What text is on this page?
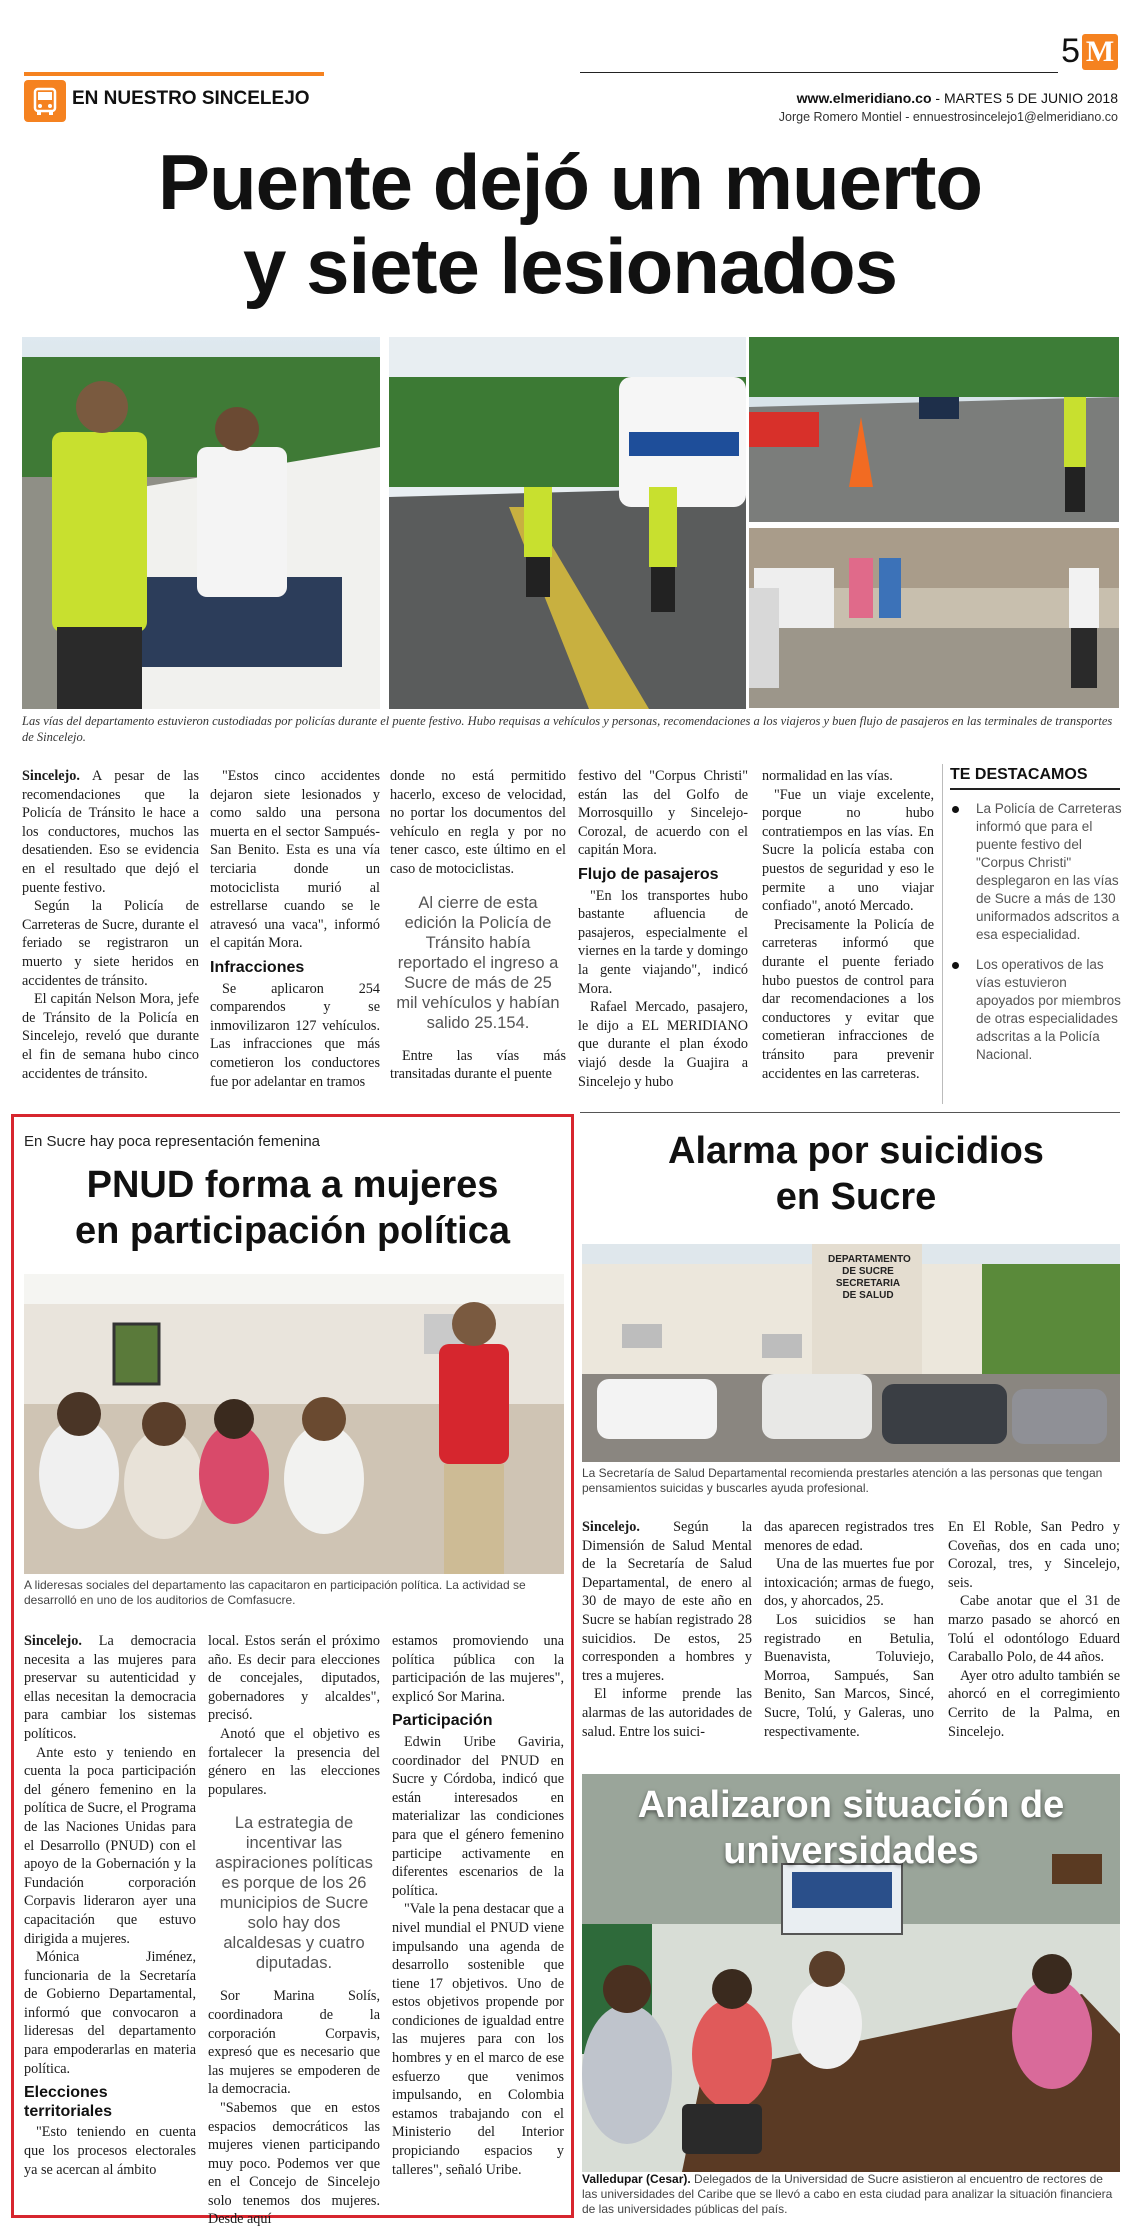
EN NUESTRO SINCELEJO
5 M
www.elmeridiano.co - MARTES 5 DE JUNIO 2018
Jorge Romero Montiel - ennuestrosincelejo1@elmeridiano.co
Puente dejó un muerto
y siete lesionados
Las vías del departamento estuvieron custodiadas por policías durante el puente festivo. Hubo requisas a vehículos y personas, recomendaciones a los viajeros y buen flujo de pasajeros en las terminales de transportes de Sincelejo.

Sincelejo. A pesar de las recomendaciones que la Policía de Tránsito le hace a los conductores, muchos las desatienden. Eso se evidencia en el resultado que dejó el puente festivo.

Según la Policía de Carreteras de Sucre, durante el feriado se registraron un muerto y siete heridos en accidentes de tránsito.

El capitán Nelson Mora, jefe de Tránsito de la Policía en Sincelejo, reveló que durante el fin de semana hubo cinco accidentes de tránsito.

"Estos cinco accidentes dejaron siete lesionados y como saldo una persona muerta en el sector Sampués-San Benito. Esta es una vía terciaria donde un motociclista murió al estrellarse cuando se le atravesó una vaca", informó el capitán Mora.

Infracciones

Se aplicaron 254 comparendos y se inmovilizaron 127 vehículos. Las infracciones que más cometieron los conductores fue por adelantar en tramos

donde no está permitido hacerlo, exceso de velocidad, no portar los documentos del vehículo en regla y por no tener casco, este último en el caso de motociclistas.

Al cierre de esta edición la Policía de Tránsito había reportado el ingreso a Sucre de más de 25 mil vehículos y habían salido 25.154.

Entre las vías más transitadas durante el puente

festivo del "Corpus Christi" están las del Golfo de Morrosquillo y Sincelejo-Corozal, de acuerdo con el capitán Mora.

Flujo de pasajeros

"En los transportes hubo bastante afluencia de pasajeros, especialmente el viernes en la tarde y domingo la gente viajando", indicó Mora.

Rafael Mercado, pasajero, le dijo a EL MERIDIANO que durante el plan éxodo viajó desde la Guajira a Sincelejo y hubo

normalidad en las vías.

"Fue un viaje excelente, porque no hubo contratiempos en las vías. En Sucre la policía estaba con puestos de seguridad y eso le permite a uno viajar confiado", anotó Mercado.

Precisamente la Policía de carreteras informó que durante el puente feriado hubo puestos de control para dar recomendaciones a los conductores y evitar que cometieran infracciones de tránsito para prevenir accidentes en las carreteras.

TE DESTACAMOS
La Policía de Carreteras informó que para el puente festivo del "Corpus Christi" desplegaron en las vías de Sucre a más de 130 uniformados adscritos a esa especialidad.
Los operativos de las vías estuvieron apoyados por miembros de otras especialidades adscritas a la Policía Nacional.
En Sucre hay poca representación femenina
PNUD forma a mujeres
en participación política
A lideresas sociales del departamento las capacitaron en participación política. La actividad se desarrolló en uno de los auditorios de Comfasucre.

Sincelejo. La democracia necesita a las mujeres para preservar su autenticidad y ellas necesitan la democracia para cambiar los sistemas políticos.

Ante esto y teniendo en cuenta la poca participación del género femenino en la política de Sucre, el Programa de las Naciones Unidas para el Desarrollo (PNUD) con el apoyo de la Gobernación y la Fundación corporación Corpavis lideraron ayer una capacitación que estuvo dirigida a mujeres.

Mónica Jiménez, funcionaria de la Secretaría de Gobierno Departamental, informó que convocaron a lideresas del departamento para empoderarlas en materia política.

Elecciones territoriales

"Esto teniendo en cuenta que los procesos electorales ya se acercan al ámbito

local. Estos serán el próximo año. Es decir para elecciones de concejales, diputados, gobernadores y alcaldes", precisó.

Anotó que el objetivo es fortalecer la presencia del género en las elecciones populares.

La estrategia de incentivar las aspiraciones políticas es porque de los 26 municipios de Sucre solo hay dos alcaldesas y cuatro diputadas.

Sor Marina Solís, coordinadora de la corporación Corpavis, expresó que es necesario que las mujeres se empoderen de la democracia.

"Sabemos que en estos espacios democráticos las mujeres vienen participando muy poco. Podemos ver que en el Concejo de Sincelejo solo tenemos dos mujeres. Desde aquí

estamos promoviendo una política pública con la participación de las mujeres", explicó Sor Marina.

Participación

Edwin Uribe Gaviria, coordinador del PNUD en Sucre y Córdoba, indicó que están interesados en materializar las condiciones para que el género femenino participe activamente en diferentes escenarios de la política.

"Vale la pena destacar que a nivel mundial el PNUD viene impulsando una agenda de desarrollo sostenible que tiene 17 objetivos. Uno de estos objetivos propende por condiciones de igualdad entre las mujeres para con los hombres y en el marco de ese esfuerzo que venimos impulsando, en Colombia estamos trabajando con el Ministerio del Interior propiciando espacios y talleres", señaló Uribe.

Alarma por suicidios
en Sucre
DEPARTAMENTO DE SUCRE SECRETARIA DE SALUD
La Secretaría de Salud Departamental recomienda prestarles atención a las personas que tengan pensamientos suicidas y buscarles ayuda profesional.

Sincelejo. Según la Dimensión de Salud Mental de la Secretaría de Salud Departamental, de enero al 30 de mayo de este año en Sucre se habían registrado 28 suicidios. De estos, 25 corresponden a hombres y tres a mujeres.

El informe prende las alarmas de las autoridades de salud. Entre los suici-

das aparecen registrados tres menores de edad.

Una de las muertes fue por intoxicación; armas de fuego, dos, y ahorcados, 25.

Los suicidios se han registrado en Betulia, Buenavista, Toluviejo, Morroa, Sampués, San Benito, San Marcos, Sincé, Sucre, Tolú, y Galeras, uno respectivamente.

En El Roble, San Pedro y Coveñas, dos en cada uno; Corozal, tres, y Sincelejo, seis.

Cabe anotar que el 31 de marzo pasado se ahorcó en Tolú el odontólogo Eduard Caraballo Polo, de 44 años.

Ayer otro adulto también se ahorcó en el corregimiento Cerrito de la Palma, en Sincelejo.

Analizaron situación de
universidades
Valledupar (Cesar). Delegados de la Universidad de Sucre asistieron al encuentro de rectores de las universidades del Caribe que se llevó a cabo en esta ciudad para analizar la situación financiera de las universidades públicas del país.
